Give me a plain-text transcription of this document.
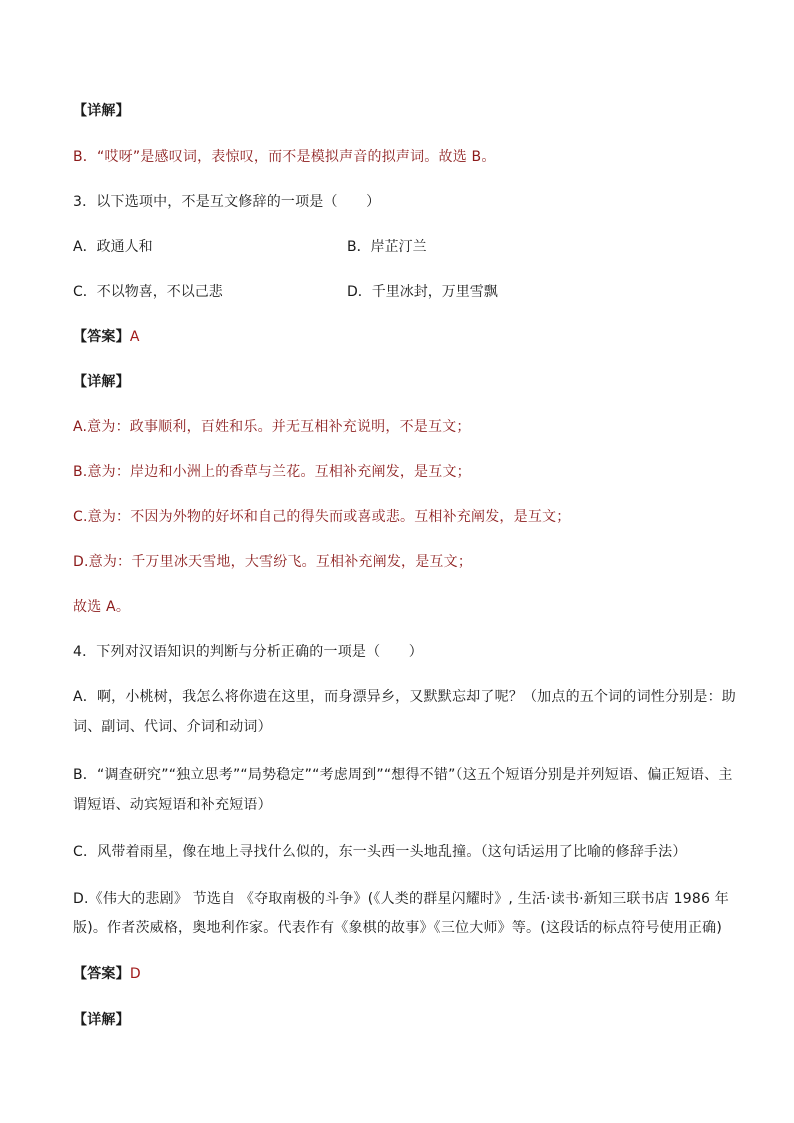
【详解】
B．“哎呀”是感叹词，表惊叹，而不是模拟声音的拟声词。故选 B。
3．以下选项中，不是互文修辞的一项是（　　）
A．政通人和	B．岸芷汀兰
C．不以物喜，不以己悲	D．千里冰封，万里雪飘
【答案】A
【详解】
A.意为：政事顺利，百姓和乐。并无互相补充说明，不是互文；
B.意为：岸边和小洲上的香草与兰花。互相补充阐发，是互文；
C.意为：不因为外物的好坏和自己的得失而或喜或悲。互相补充阐发，是互文；
D.意为：千万里冰天雪地，大雪纷飞。互相补充阐发，是互文；
故选 A。
4．下列对汉语知识的判断与分析正确的一项是（　　）
A．啊，小桃树，我怎么将你遗在这里，而身漂异乡，又默默忘却了呢？（加点的五个词的词性分别是：助
词、副词、代词、介词和动词）
B．“调查研究”“独立思考”“局势稳定”“考虑周到”“想得不错”（这五个短语分别是并列短语、偏正短语、主
谓短语、动宾短语和补充短语）
C．风带着雨星，像在地上寻找什么似的，东一头西一头地乱撞。（这句话运用了比喻的修辞手法）
D.《伟大的悲剧》 节选自 《夺取南极的斗争》(《人类的群星闪耀时》, 生活·读书·新知三联书店 1986 年
版)。作者茨威格，奥地利作家。代表作有《象棋的故事》《三位大师》等。(这段话的标点符号使用正确)
【答案】D
【详解】
